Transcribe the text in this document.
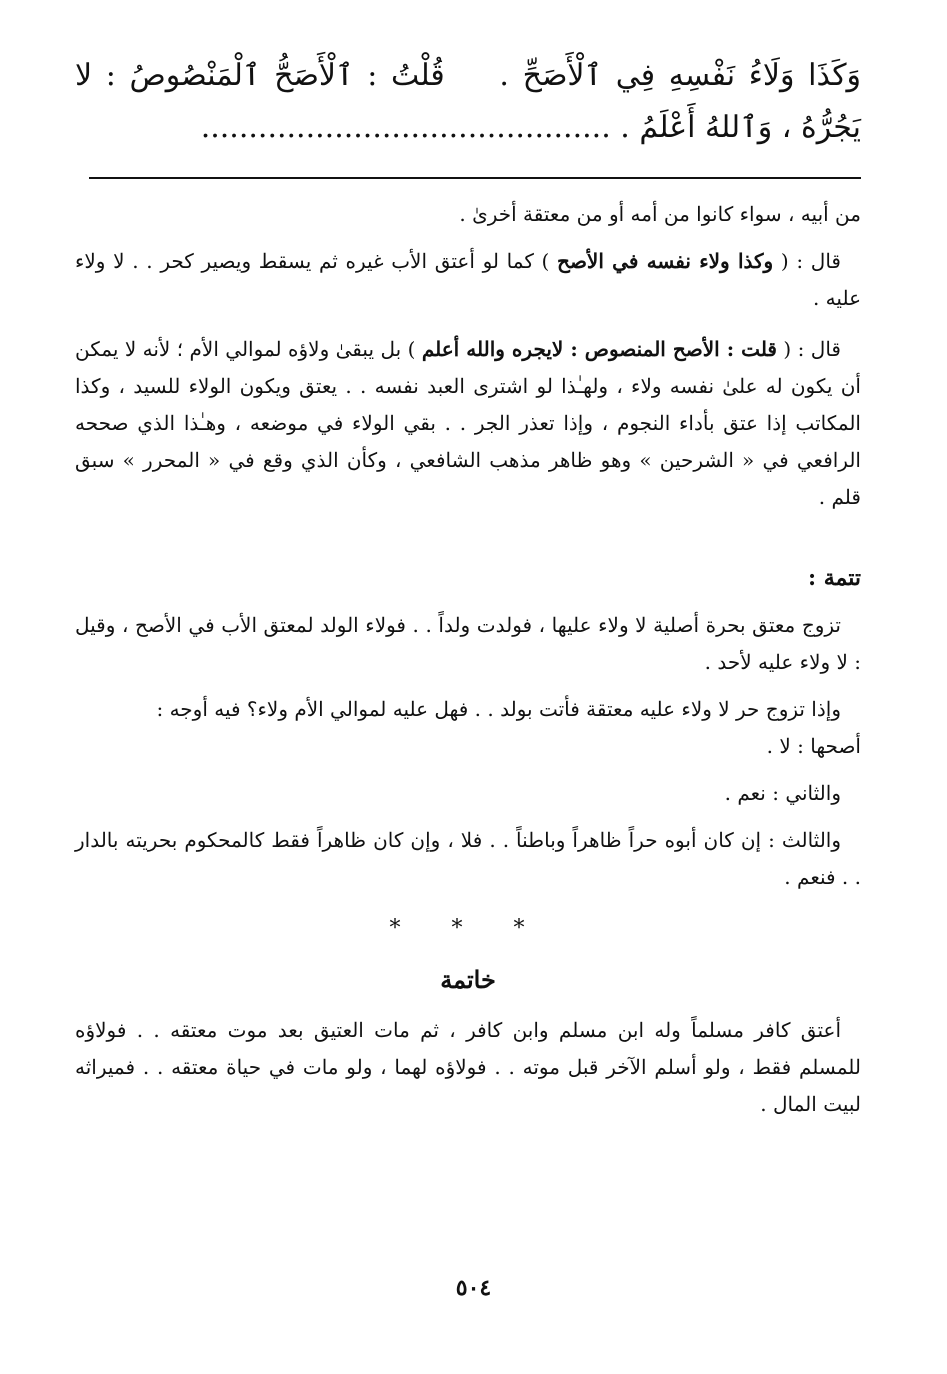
وَكَذَا وَلَاءُ نَفْسِهِ فِي ٱلْأَصَحِّ .    قُلْتُ : ٱلْأَصَحُّ ٱلْمَنْصُوصُ : لا يَجُرُّهُ ، وَٱللهُ أَعْلَمُ . ...........................................

من أبيه ، سواء كانوا من أمه أو من معتقة أخرىٰ .

قال : ( وكذا ولاء نفسه في الأصح ) كما لو أعتق الأب غيره ثم يسقط ويصير كحر . . لا ولاء عليه .

قال : ( قلت : الأصح المنصوص : لايجره والله أعلم ) بل يبقىٰ ولاؤه لموالي الأم ؛ لأنه لا يمكن أن يكون له علىٰ نفسه ولاء ، ولهـٰذا لو اشترى العبد نفسه . . يعتق ويكون الولاء للسيد ، وكذا المكاتب إذا عتق بأداء النجوم ، وإذا تعذر الجر . . بقي الولاء في موضعه ، وهـٰذا الذي صححه الرافعي في « الشرحين » وهو ظاهر مذهب الشافعي ، وكأن الذي وقع في « المحرر » سبق قلم .

تتمة :

تزوج معتق بحرة أصلية لا ولاء عليها ، فولدت ولداً . . فولاء الولد لمعتق الأب في الأصح ، وقيل : لا ولاء عليه لأحد .

وإذا تزوج حر لا ولاء عليه معتقة فأتت بولد . . فهل عليه لموالي الأم ولاء؟ فيه أوجه :

أصحها : لا .

والثاني : نعم .

والثالث : إن كان أبوه حراً ظاهراً وباطناً . . فلا ، وإن كان ظاهراً فقط كالمحكوم بحريته بالدار . . فنعم .

* * *
خاتمة

أعتق كافر مسلماً وله ابن مسلم وابن كافر ، ثم مات العتيق بعد موت معتقه . . فولاؤه للمسلم فقط ، ولو أسلم الآخر قبل موته . . فولاؤه لهما ، ولو مات في حياة معتقه . . فميراثه لبيت المال .

٥٠٤
